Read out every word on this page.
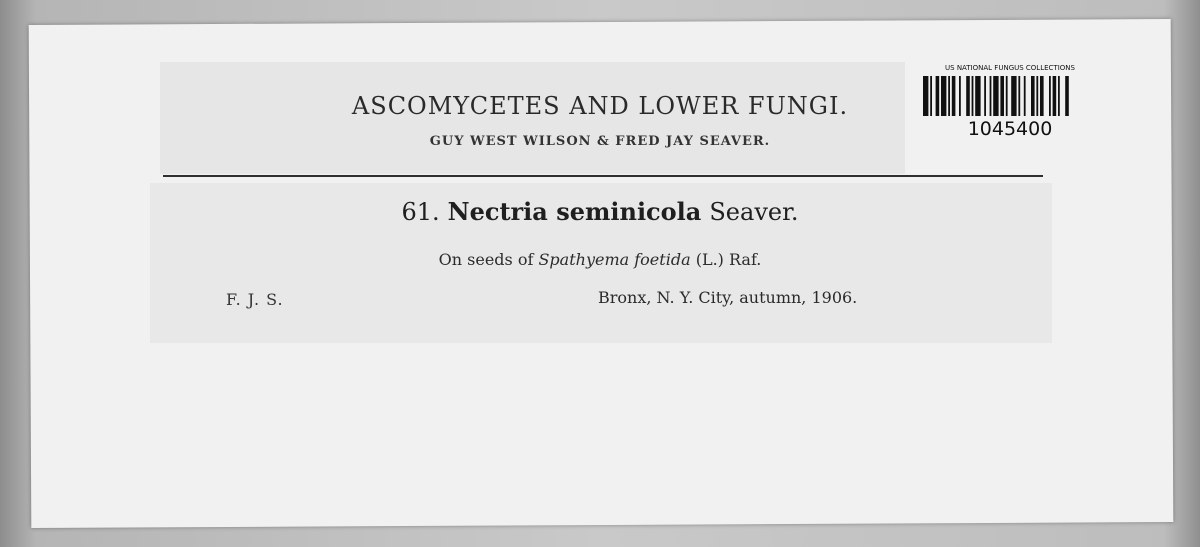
ASCOMYCETES AND LOWER FUNGI.
GUY WEST WILSON & FRED JAY SEAVER.
61. Nectria seminicola Seaver.
On seeds of Spathyema foetida (L.) Raf.
F. J. S.	Bronx, N. Y. City, autumn, 1906.
US NATIONAL FUNGUS COLLECTIONS
1045400
